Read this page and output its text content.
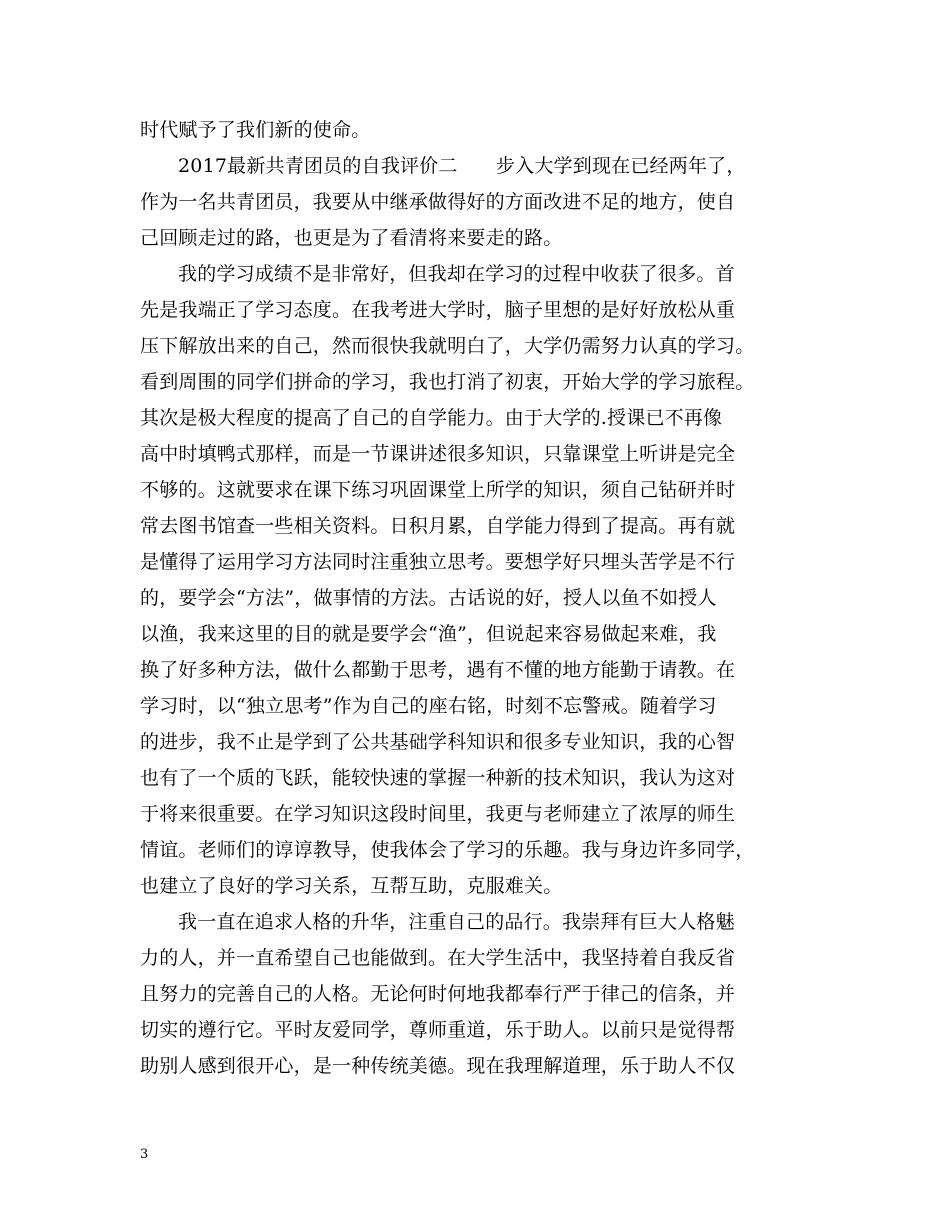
时代赋予了我们新的使命。
2017最新共青团员的自我评价二　　步入大学到现在已经两年了，
作为一名共青团员，我要从中继承做得好的方面改进不足的地方，使自
己回顾走过的路，也更是为了看清将来要走的路。
我的学习成绩不是非常好，但我却在学习的过程中收获了很多。首
先是我端正了学习态度。在我考进大学时，脑子里想的是好好放松从重
压下解放出来的自己，然而很快我就明白了，大学仍需努力认真的学习。
看到周围的同学们拼命的学习，我也打消了初衷，开始大学的学习旅程。
其次是极大程度的提高了自己的自学能力。由于大学的.授课已不再像
高中时填鸭式那样，而是一节课讲述很多知识，只靠课堂上听讲是完全
不够的。这就要求在课下练习巩固课堂上所学的知识，须自己钻研并时
常去图书馆查一些相关资料。日积月累，自学能力得到了提高。再有就
是懂得了运用学习方法同时注重独立思考。要想学好只埋头苦学是不行
的，要学会“方法”，做事情的方法。古话说的好，授人以鱼不如授人
以渔，我来这里的目的就是要学会“渔”，但说起来容易做起来难，我
换了好多种方法，做什么都勤于思考，遇有不懂的地方能勤于请教。在
学习时，以“独立思考”作为自己的座右铭，时刻不忘警戒。随着学习
的进步，我不止是学到了公共基础学科知识和很多专业知识，我的心智
也有了一个质的飞跃，能较快速的掌握一种新的技术知识，我认为这对
于将来很重要。在学习知识这段时间里，我更与老师建立了浓厚的师生
情谊。老师们的谆谆教导，使我体会了学习的乐趣。我与身边许多同学，
也建立了良好的学习关系，互帮互助，克服难关。
我一直在追求人格的升华，注重自己的品行。我崇拜有巨大人格魅
力的人，并一直希望自己也能做到。在大学生活中，我坚持着自我反省
且努力的完善自己的人格。无论何时何地我都奉行严于律己的信条，并
切实的遵行它。平时友爱同学，尊师重道，乐于助人。以前只是觉得帮
助别人感到很开心，是一种传统美德。现在我理解道理，乐于助人不仅
3
